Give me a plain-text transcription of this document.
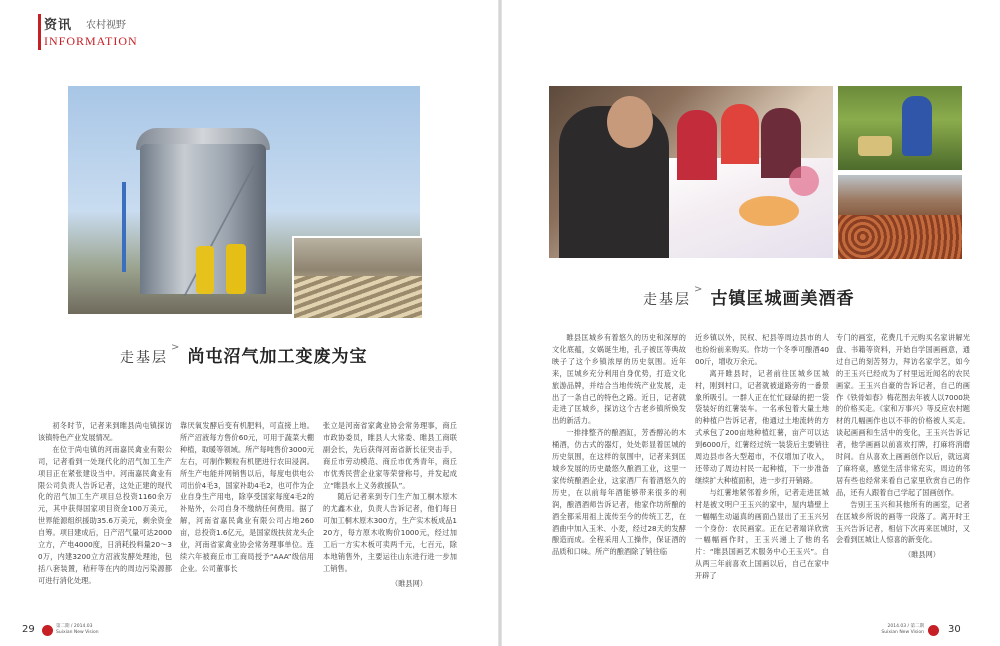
资讯 农村视野
INFORMATION
走基层> 尚屯沼气加工变废为宝
走基层> 古镇匡城画美酒香

初冬时节，记者来到睢县尚屯镇探访该镇特色产业发展情况。

在位于尚屯镇的河南嘉民禽业有限公司，记者看到一处现代化的沼气加工生产项目正在紧张建设当中。河南嘉民禽业有限公司负责人告诉记者，这处正建的现代化的沼气加工生产项目总投资1160余万元，其中获得国家项目资金100万美元，世界能源组织援助35.6万美元，剩余资金自筹。项目建成后，日产沼气量可达2000立方，产电4000度，日消耗投料量20～30万，内建3200立方沼液发酵处理池，包括八套装置，秸秆等在内的周边污染源都可进行消化处理。

靠厌氧发酵后变有机肥料，可直接上地。所产沼液每方售价60元，可用于蔬菜大棚种植，取暖等领域。所产每吨售价3000元左右，可制作颗粒有机肥进行农田浸润。所生产电能并网销售以后，每度电供电公司出价4毛3，国家补助4毛2，也可作为企业自身生产用电，除享受国家每度4毛2的补贴外，公司自身不缴纳任何费用。据了解，河南省嘉民禽业有限公司占地260亩，总投资1.6亿元，是国家级扶贫龙头企业，河南省家禽业协会常务理事单位。连续六年被商丘市工商局授予“AAA”级信用企业。公司董事长

张立是河南省家禽业协会常务理事，商丘市政协委员，睢县人大常委、睢县工商联副会长，先后获得河南省新长征突击手，商丘市劳动模范、商丘市优秀青年，商丘市优秀民营企业家等荣誉称号，并发起成立“睢县水上义务救援队”。

随后记者来到专门生产加工桐木原木的尤鑫木业，负责人告诉记者，他们每日可加工桐木原木300方，生产实木板成品120方，每方原木收购价1000元，经过加工后一方实木板可卖两千元，七百元，除本地销售外，主要运往山东进行进一步加工销售。

（睢县网）

睢县匡城乡有着悠久的历史和深厚的文化底蕴，女娲诞生地，孔子被匡等典故映子了这个乡镇浓厚的历史氛围。近年来，匡城乡充分利用自身优势，打造文化旅游品牌，并结合当地传统产业发展，走出了一条自己的特色之路。近日，记者就走进了匡城乡，探访这个古老乡镇所焕发出的新活力。

一排排整齐的酿酒缸，芳香醇沁的木桶酒，仿古式的器灯，处处彰显着匡城的历史氛围，在这样的氛围中，记者来到匡城乡发展的历史最悠久酿酒工业，这里一家传统酿酒企业，这家酒厂有着酒悠久的历史，在以前每年酒能够带来很多的利润，酿酒酒师告诉记者，他家作坊所酿的酒全都采用祖上流传至今的传统工艺，在酒曲中加入玉米、小麦，经过28天的发酵酿造而成。全程采用人工操作，保证酒的品质和口味。所产的酿酒除了销往临

近乡镇以外，民权、杞县等周边县市的人也纷纷前来购买。作坊一个冬季可酿酒4000斤，增收万余元。

离开睢县时，记者前往匡城乡匡城村，刚到村口，记者就被道路旁的一番景象所吸引。一群人正在忙忙碌碌的把一袋袋装好的红薯装车。一名承包着大量土地的种植户告诉记者，他通过土地流转的方式承包了200亩地种植红薯，亩产可以达到6000斤，红薯经过统一装袋后主要销往周边县市各大型超市，不仅增加了收入，还带动了周边村民一起种植，下一步准备继续扩大种植面积，进一步打开销路。

与红薯地紧邻着乡所，记者走进匡城村是被文明户王玉兴的家中，屋内墙壁上一幅幅生动逼真的画面凸显出了王玉兴另一个身份：农民画家。正在记者端详欣赏一幅幅画作时，王玉兴递上了他的名片：“睢县国画艺术服务中心王玉兴”。自从两三年前喜欢上国画以后，自己在家中开辟了

专门的画室，花费几千元购买名家讲解光盘、书籍等资料，开始自学国画画意，通过自己的刻苦努力，拜访名家学艺，如今的王玉兴已经成为了村里远近闻名的农民画家。王玉兴自豪的告诉记者，自己的画作《铁骨如春》梅花图去年被人以7000块的价格买走。《家和万事兴》等反应农村题材的几幅画作也以不菲的价格被人买走。谈起画画和生活中的变化，王玉兴告诉记者，他学画画以前喜欢打牌，打麻将消磨时间。自从喜欢上画画创作以后，就远离了麻将桌，感觉生活非常充实，周边的邻居有些也经常来看自己家里欣赏自己的作品，还有人跟着自己学起了国画创作。

告别王玉兴和其他所有的画室，记者在匡城乡所说的画等一段落了。离开时王玉兴告诉记者，相信下次再来匡城时，又会看到匡城让人惊喜的新变化。

（睢县网）

29	第二期 / 2014.03
Suixian New Vision
2014.03 / 第二期
Suixian New Vision 30
